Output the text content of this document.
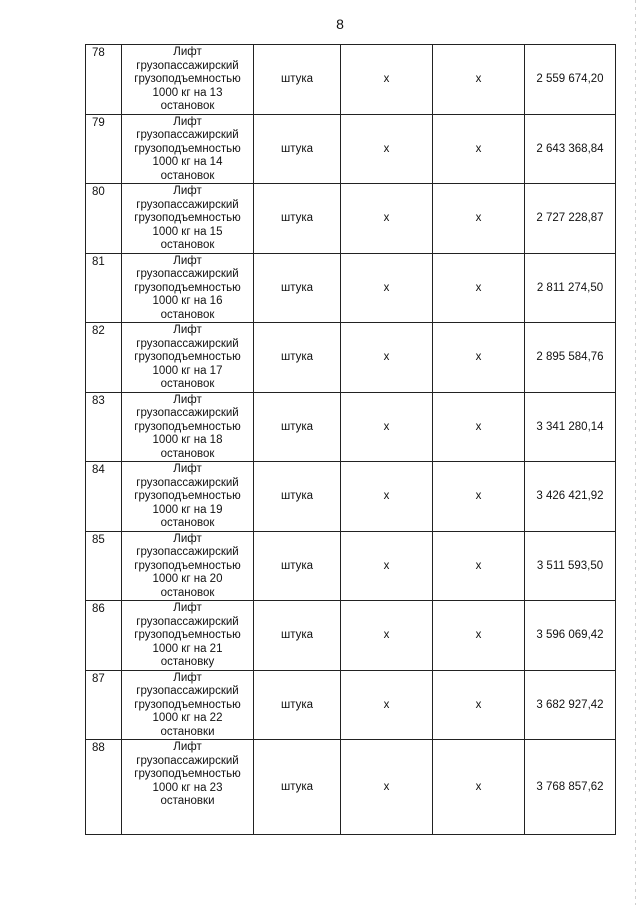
8
78	Лифт
грузопассажирский
грузоподъемностью
1000 кг на 13
остановок	штука	х	х	2 559 674,20
79	Лифт
грузопассажирский
грузоподъемностью
1000 кг на 14
остановок	штука	х	х	2 643 368,84
80	Лифт
грузопассажирский
грузоподъемностью
1000 кг на 15
остановок	штука	х	х	2 727 228,87
81	Лифт
грузопассажирский
грузоподъемностью
1000 кг на 16
остановок	штука	х	х	2 811 274,50
82	Лифт
грузопассажирский
грузоподъемностью
1000 кг на 17
остановок	штука	х	х	2 895 584,76
83	Лифт
грузопассажирский
грузоподъемностью
1000 кг на 18
остановок	штука	х	х	3 341 280,14
84	Лифт
грузопассажирский
грузоподъемностью
1000 кг на 19
остановок	штука	х	х	3 426 421,92
85	Лифт
грузопассажирский
грузоподъемностью
1000 кг на 20
остановок	штука	х	х	3 511 593,50
86	Лифт
грузопассажирский
грузоподъемностью
1000 кг на 21
остановку	штука	х	х	3 596 069,42
87	Лифт
грузопассажирский
грузоподъемностью
1000 кг на 22
остановки	штука	х	х	3 682 927,42
88	Лифт
грузопассажирский
грузоподъемностью
1000 кг на 23
остановки	штука	х	х	3 768 857,62
